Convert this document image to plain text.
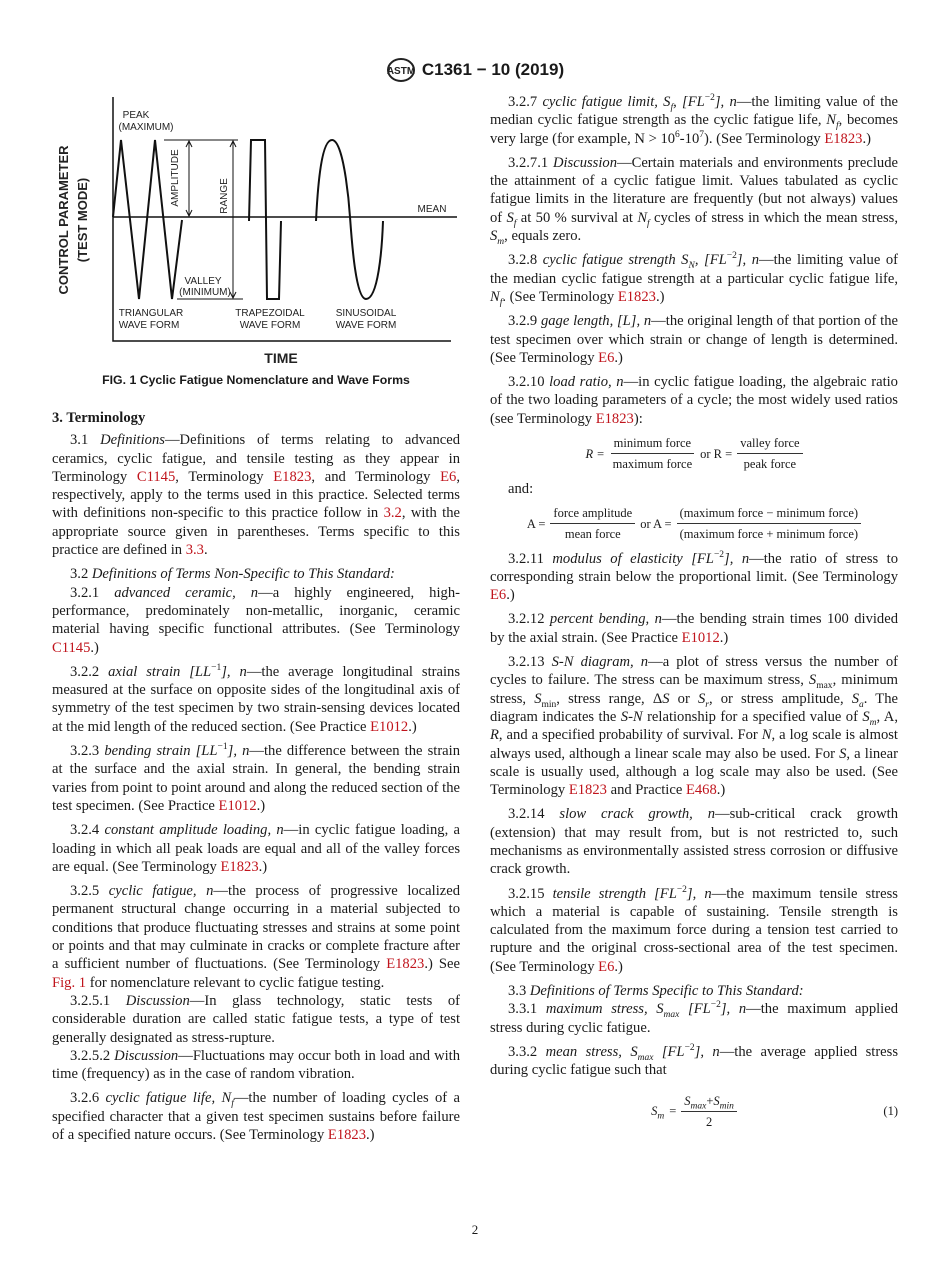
ASTM C1361 − 10 (2019)
PEAK
(MAXIMUM)
AMPLITUDE	RANGE	MEAN
VALLEY
(MINIMUM)
TRIANGULAR
WAVE FORM
TRAPEZOIDAL
WAVE FORM
SINUSOIDAL
WAVE FORM
CONTROL PARAMETER (TEST MODE)
TIME
FIG. 1 Cyclic Fatigue Nomenclature and Wave Forms
3. Terminology

3.1 Definitions—Definitions of terms relating to advanced ceramics, cyclic fatigue, and tensile testing as they appear in Terminology C1145, Terminology E1823, and Terminology E6, respectively, apply to the terms used in this practice. Selected terms with definitions non-specific to this practice follow in 3.2, with the appropriate source given in parentheses. Terms specific to this practice are defined in 3.3.

3.2 Definitions of Terms Non-Specific to This Standard:

3.2.1 advanced ceramic, n—a highly engineered, high-performance, predominately non-metallic, inorganic, ceramic material having specific functional attributes. (See Terminology C1145.)

3.2.2 axial strain $[LL^{-1}]$, n—the average longitudinal strains measured at the surface on opposite sides of the longitudinal axis of symmetry of the test specimen by two strain-sensing devices located at the mid length of the reduced section. (See Practice E1012.)

3.2.3 bending strain $[LL^{-1}]$, n—the difference between the strain at the surface and the axial strain. In general, the bending strain varies from point to point around and along the reduced section of the test specimen. (See Practice E1012.)

3.2.4 constant amplitude loading, n—in cyclic fatigue loading, a loading in which all peak loads are equal and all of the valley forces are equal. (See Terminology E1823.)

3.2.5 cyclic fatigue, n—the process of progressive localized permanent structural change occurring in a material subjected to conditions that produce fluctuating stresses and strains at some point or points and that may culminate in cracks or complete fracture after a sufficient number of fluctuations. (See Terminology E1823.) See Fig. 1 for nomenclature relevant to cyclic fatigue testing.

3.2.5.1 Discussion—In glass technology, static tests of considerable duration are called static fatigue tests, a type of test generally designated as stress-rupture.

3.2.5.2 Discussion—Fluctuations may occur both in load and with time (frequency) as in the case of random vibration.

3.2.6 cyclic fatigue life, $N_f—the$ number of loading cycles of a specified character that a given test specimen sustains before failure of a specified nature occurs. (See Terminology E1823.)

3.2.7 cyclic fatigue limit, $S_f$, $[FL^{-2}]$, n—the limiting value of the median cyclic fatigue strength as the cyclic fatigue life, $N_f$, becomes very large (for example, $N > 10^6-10^7$). (See Terminology E1823.)

3.2.7.1 Discussion—Certain materials and environments preclude the attainment of a cyclic fatigue limit. Values tabulated as cyclic fatigue limits in the literature are frequently (but not always) values of $S_f$ at 50 % survival at $N_f$ cycles of stress in which the mean stress, $S_m$, equals zero.

3.2.8 cyclic fatigue strength $S_N$, $[FL^{-2}]$, n—the limiting value of the median cyclic fatigue strength at a particular cyclic fatigue life, $N_f$. (See Terminology E1823.)

3.2.9 gage length, [L], n—the original length of that portion of the test specimen over which strain or change of length is determined. (See Terminology E6.)

3.2.10 load ratio, n—in cyclic fatigue loading, the algebraic ratio of the two loading parameters of a cycle; the most widely used ratios (see Terminology E1823):

$R = \frac{\text{minimum force}}{\text{maximum force}}$ or $R = \frac{\text{valley force}}{\text{peak force}}$

and:

$A = \frac{\text{force amplitude}}{\text{mean force}}$ or $A = \frac{\text{(maximum force − minimum force)}}{\text{(maximum force + minimum force)}}$

3.2.11 modulus of elasticity $[FL^{-2}]$, n—the ratio of stress to corresponding strain below the proportional limit. (See Terminology E6.)

3.2.12 percent bending, n—the bending strain times 100 divided by the axial strain. (See Practice E1012.)

3.2.13 S-N diagram, n—a plot of stress versus the number of cycles to failure. The stress can be maximum stress, $S_{max}$, minimum stress, $S_{min}$, stress range, ΔS or $S_r$, or stress amplitude, $S_a$. The diagram indicates the S-N relationship for a specified value of $S_m$, A, R, and a specified probability of survival. For N, a log scale is almost always used, although a linear scale may also be used. For S, a linear scale is usually used, although a log scale may also be used. (See Terminology E1823 and Practice E468.)

3.2.14 slow crack growth, n—sub-critical crack growth (extension) that may result from, but is not restricted to, such mechanisms as environmentally assisted stress corrosion or diffusive crack growth.

3.2.15 tensile strength $[FL^{-2}]$, n—the maximum tensile stress which a material is capable of sustaining. Tensile strength is calculated from the maximum force during a tension test carried to rupture and the original cross-sectional area of the test specimen. (See Terminology E6.)

3.3 Definitions of Terms Specific to This Standard:

3.3.1 maximum stress, $S_{max}$ $[FL^{-2}]$, n—the maximum applied stress during cyclic fatigue.

3.3.2 mean stress, $S_{max}$ $[FL^{-2}]$, n—the average applied stress during cyclic fatigue such that

$S_m = \frac{S_{max}+S_{min}}{2}$	(1)
2
